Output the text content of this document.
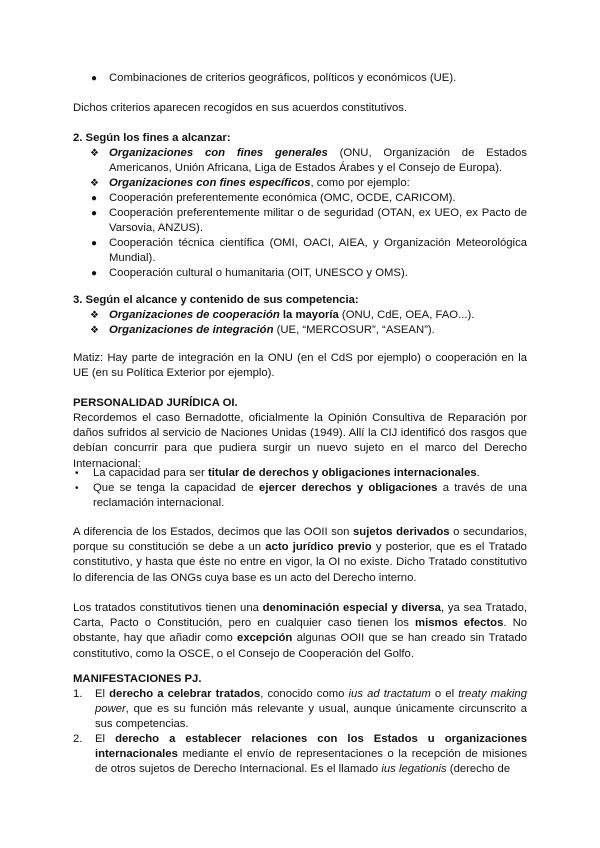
● Combinaciones de criterios geográficos, políticos y económicos (UE).

Dichos criterios aparecen recogidos en sus acuerdos constitutivos.

2. Según los fines a alcanzar:
❖ Organizaciones con fines generales (ONU, Organización de Estados Americanos, Unión Africana, Liga de Estados Árabes y el Consejo de Europa).
❖ Organizaciones con fines específicos, como por ejemplo:
● Cooperación preferentemente económica (OMC, OCDE, CARICOM).
● Cooperación preferentemente militar o de seguridad (OTAN, ex UEO, ex Pacto de Varsovia, ANZUS).
● Cooperación técnica científica (OMI, OACI, AIEA, y Organización Meteorológica Mundial).
● Cooperación cultural o humanitaria (OIT, UNESCO y OMS).
3. Según el alcance y contenido de sus competencia:
❖ Organizaciones de cooperación la mayoría (ONU, CdE, OEA, FAO...).
❖ Organizaciones de integración (UE, “MERCOSUR”, “ASEAN”).

Matiz: Hay parte de integración en la ONU (en el CdS por ejemplo) o cooperación en la UE (en su Política Exterior por ejemplo).

PERSONALIDAD JURÍDICA OI.

Recordemos el caso Bernadotte, oficialmente la Opinión Consultiva de Reparación por daños sufridos al servicio de Naciones Unidas (1949). Allí la CIJ identificó dos rasgos que debían concurrir para que pudiera surgir un nuevo sujeto en el marco del Derecho Internacional:

• La capacidad para ser titular de derechos y obligaciones internacionales.
• Que se tenga la capacidad de ejercer derechos y obligaciones a través de una reclamación internacional.

A diferencia de los Estados, decimos que las OOII son sujetos derivados o secundarios, porque su constitución se debe a un acto jurídico previo y posterior, que es el Tratado constitutivo, y hasta que éste no entre en vigor, la OI no existe. Dicho Tratado constitutivo lo diferencia de las ONGs cuya base es un acto del Derecho interno.

Los tratados constitutivos tienen una denominación especial y diversa, ya sea Tratado, Carta, Pacto o Constitución, pero en cualquier caso tienen los mismos efectos. No obstante, hay que añadir como excepción algunas OOII que se han creado sin Tratado constitutivo, como la OSCE, o el Consejo de Cooperación del Golfo.

MANIFESTACIONES PJ.
1. El derecho a celebrar tratados, conocido como ius ad tractatum o el treaty making power, que es su función más relevante y usual, aunque únicamente circunscrito a sus competencias.
2. El derecho a establecer relaciones con los Estados u organizaciones internacionales mediante el envío de representaciones o la recepción de misiones de otros sujetos de Derecho Internacional. Es el llamado ius legationis (derecho de
